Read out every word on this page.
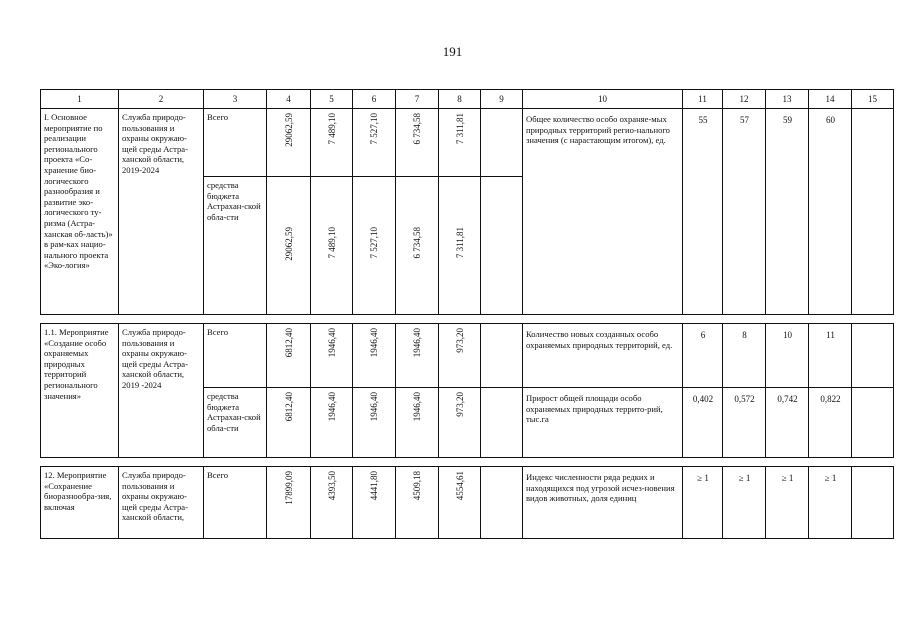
191
1	2	3	4	5	6	7	8	9	10	11	12	13	14	15
I. Основное мероприятие по реализации регионального проекта «Со-хранение био-логического разнообразия и развитие эко-логического ту-ризма (Астра-ханская об-ласть)» в рам-ках нацио-нального проекта «Эко-логия»	Служба природо-пользования и охраны окружаю-щей среды Астра-ханской области, 2019-2024	Всего	29062,59	7 489,10	7 527,10	6 734,58	7 311,81		Общее количество особо охраняе-мых природных территорий регио-нального значения (с нарастающим итогом), ед.	55	57	59	60	
		средства бюджета Астрахан-ской обла-сти	29062,59	7 489,10	7 527,10	6 734,58	7 311,81							

1.1. Мероприятие «Создание особо охраняемых природных территорий регионального значения»	Служба природо-пользования и охраны окружаю-щей среды Астра-ханской области, 2019 -2024	Всего	6812,40	1946,40	1946,40	1946,40	973,20		Количество новых созданных особо охраняемых природных территорий, ед.	6	8	10	11	
		средства бюджета Астрахан-ской обла-сти	6812,40	1946,40	1946,40	1946,40	973,20		Прирост общей площади особо охраняемых природных террито-рий, тыс.га	0,402	0,572	0,742	0,822	

12. Мероприятие «Сохранение биоразнообра-зия, включая	Служба природо-пользования и охраны окружаю-щей среды Астра-ханской области,	Всего	17899,09	4393,50	4441,80	4509,18	4554,61		Индекс численности ряда редких и находящихся под угрозой исчез-новения видов животных, доля единиц	≥ 1	≥ 1	≥ 1	≥ 1	
